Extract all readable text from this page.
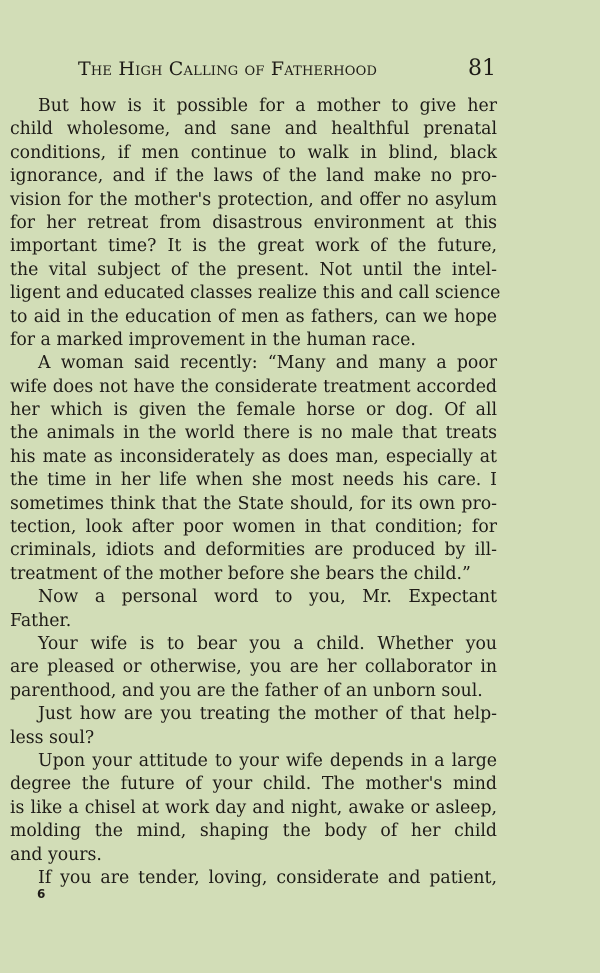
The High Calling of Fatherhood	81
But how is it possible for a mother to give her
child wholesome, and sane and healthful prenatal
conditions, if men continue to walk in blind, black
ignorance, and if the laws of the land make no pro-
vision for the mother's protection, and offer no asylum
for her retreat from disastrous environment at this
important time? It is the great work of the future,
the vital subject of the present. Not until the intel-
ligent and educated classes realize this and call science
to aid in the education of men as fathers, can we hope
for a marked improvement in the human race.
A woman said recently: “Many and many a poor
wife does not have the considerate treatment accorded
her which is given the female horse or dog. Of all
the animals in the world there is no male that treats
his mate as inconsiderately as does man, especially at
the time in her life when she most needs his care. I
sometimes think that the State should, for its own pro-
tection, look after poor women in that condition; for
criminals, idiots and deformities are produced by ill-
treatment of the mother before she bears the child.”
Now a personal word to you, Mr. Expectant
Father.
Your wife is to bear you a child. Whether you
are pleased or otherwise, you are her collaborator in
parenthood, and you are the father of an unborn soul.
Just how are you treating the mother of that help-
less soul?
Upon your attitude to your wife depends in a large
degree the future of your child. The mother's mind
is like a chisel at work day and night, awake or asleep,
molding the mind, shaping the body of her child
and yours.
If you are tender, loving, considerate and patient,
6
